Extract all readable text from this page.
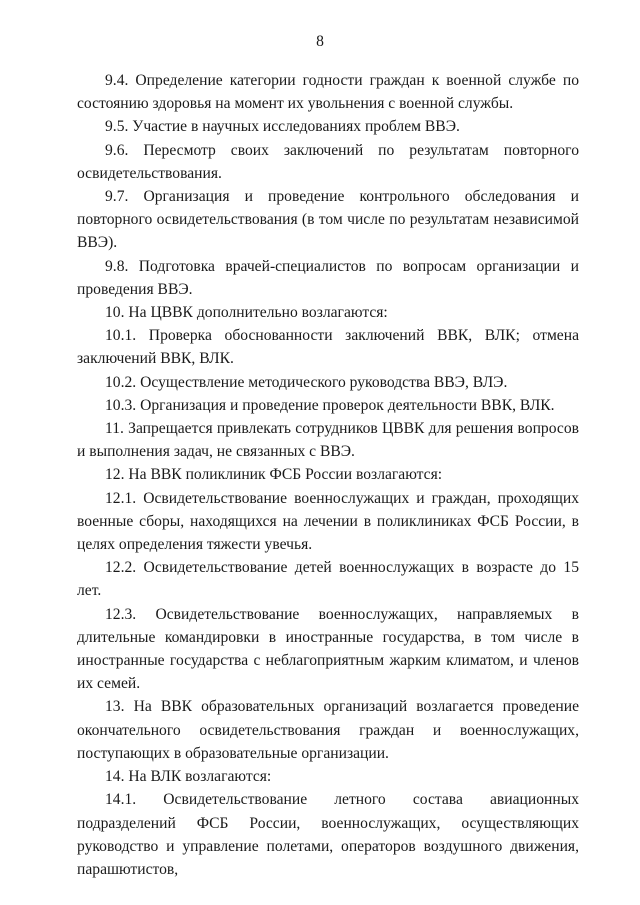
8

9.4. Определение категории годности граждан к военной службе по состоянию здоровья на момент их увольнения с военной службы.

9.5. Участие в научных исследованиях проблем ВВЭ.

9.6. Пересмотр своих заключений по результатам повторного освидетельствования.

9.7. Организация и проведение контрольного обследования и повторного освидетельствования (в том числе по результатам независимой ВВЭ).

9.8. Подготовка врачей-специалистов по вопросам организации и проведения ВВЭ.

10. На ЦВВК дополнительно возлагаются:

10.1. Проверка обоснованности заключений ВВК, ВЛК; отмена заключений ВВК, ВЛК.

10.2. Осуществление методического руководства ВВЭ, ВЛЭ.

10.3. Организация и проведение проверок деятельности ВВК, ВЛК.

11. Запрещается привлекать сотрудников ЦВВК для решения вопросов и выполнения задач, не связанных с ВВЭ.

12. На ВВК поликлиник ФСБ России возлагаются:

12.1. Освидетельствование военнослужащих и граждан, проходящих военные сборы, находящихся на лечении в поликлиниках ФСБ России, в целях определения тяжести увечья.

12.2. Освидетельствование детей военнослужащих в возрасте до 15 лет.

12.3. Освидетельствование военнослужащих, направляемых в длительные командировки в иностранные государства, в том числе в иностранные государства с неблагоприятным жарким климатом, и членов их семей.

13. На ВВК образовательных организаций возлагается проведение окончательного освидетельствования граждан и военнослужащих, поступающих в образовательные организации.

14. На ВЛК возлагаются:

14.1. Освидетельствование летного состава авиационных подразделений ФСБ России, военнослужащих, осуществляющих руководство и управление полетами, операторов воздушного движения, парашютистов,
